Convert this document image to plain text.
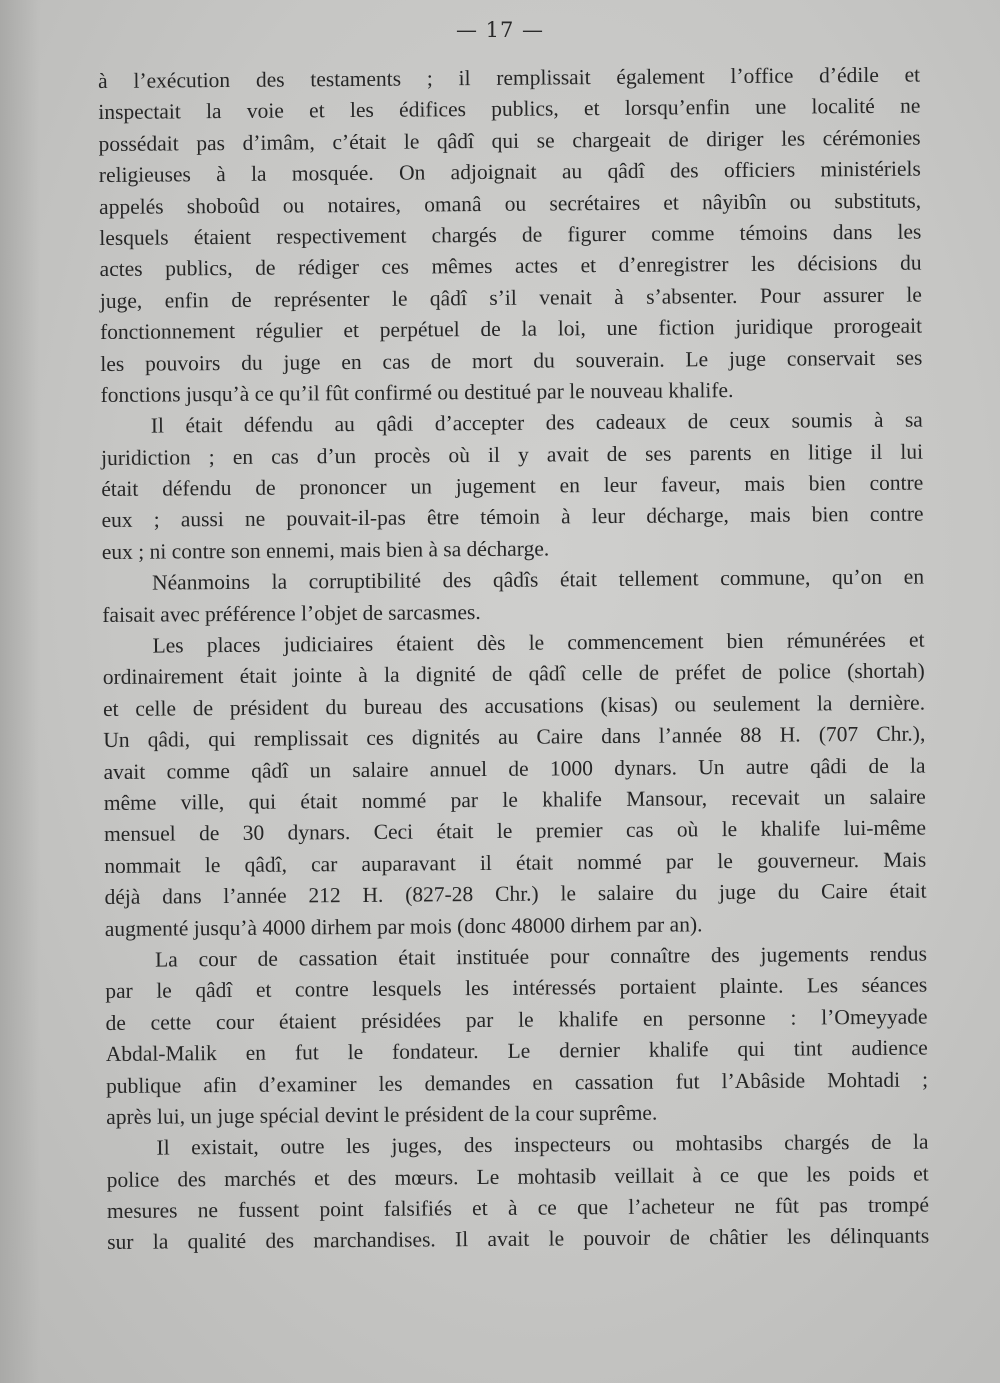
— 17 —
à l’exécution des testaments ; il remplissait également l’office d’édile et
inspectait la voie et les édifices publics, et lorsqu’enfin une localité ne
possédait pas d’imâm, c’était le qâdî qui se chargeait de diriger les cérémonies
religieuses à la mosquée. On adjoignait au qâdî des officiers ministériels
appelés shoboûd ou notaires, omanâ ou secrétaires et nâyibîn ou substituts,
lesquels étaient respectivement chargés de figurer comme témoins dans les
actes publics, de rédiger ces mêmes actes et d’enregistrer les décisions du
juge, enfin de représenter le qâdî s’il venait à s’absenter. Pour assurer le
fonctionnement régulier et perpétuel de la loi, une fiction juridique prorogeait
les pouvoirs du juge en cas de mort du souverain. Le juge conservait ses
fonctions jusqu’à ce qu’il fût confirmé ou destitué par le nouveau khalife.
Il était défendu au qâdi d’accepter des cadeaux de ceux soumis à sa
juridiction ; en cas d’un procès où il y avait de ses parents en litige il lui
était défendu de prononcer un jugement en leur faveur, mais bien contre
eux ; aussi ne pouvait-il-pas être témoin à leur décharge, mais bien contre
eux ; ni contre son ennemi, mais bien à sa décharge.
Néanmoins la corruptibilité des qâdîs était tellement commune, qu’on en
faisait avec préférence l’objet de sarcasmes.
Les places judiciaires étaient dès le commencement bien rémunérées et
ordinairement était jointe à la dignité de qâdî celle de préfet de police (shortah)
et celle de président du bureau des accusations (kisas) ou seulement la dernière.
Un qâdi, qui remplissait ces dignités au Caire dans l’année 88 H. (707 Chr.),
avait comme qâdî un salaire annuel de 1000 dynars. Un autre qâdi de la
même ville, qui était nommé par le khalife Mansour, recevait un salaire
mensuel de 30 dynars. Ceci était le premier cas où le khalife lui-même
nommait le qâdî, car auparavant il était nommé par le gouverneur. Mais
déjà dans l’année 212 H. (827-28 Chr.) le salaire du juge du Caire était
augmenté jusqu’à 4000 dirhem par mois (donc 48000 dirhem par an).
La cour de cassation était instituée pour connaître des jugements rendus
par le qâdî et contre lesquels les intéressés portaient plainte. Les séances
de cette cour étaient présidées par le khalife en personne : l’Omeyyade
Abdal-Malik en fut le fondateur. Le dernier khalife qui tint audience
publique afin d’examiner les demandes en cassation fut l’Abâside Mohtadi ;
après lui, un juge spécial devint le président de la cour suprême.
Il existait, outre les juges, des inspecteurs ou mohtasibs chargés de la
police des marchés et des mœurs. Le mohtasib veillait à ce que les poids et
mesures ne fussent point falsifiés et à ce que l’acheteur ne fût pas trompé
sur la qualité des marchandises. Il avait le pouvoir de châtier les délinquants
